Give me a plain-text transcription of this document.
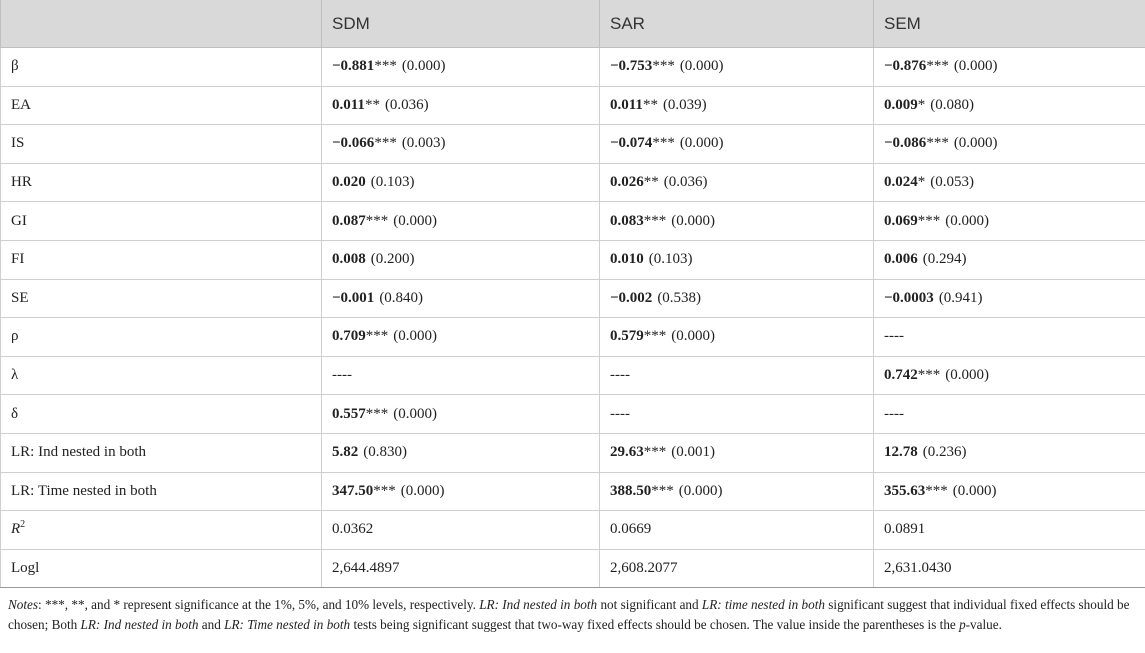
	SDM	SAR	SEM
β	−0.881*** (0.000)	−0.753*** (0.000)	−0.876*** (0.000)
EA	0.011** (0.036)	0.011** (0.039)	0.009* (0.080)
IS	−0.066*** (0.003)	−0.074*** (0.000)	−0.086*** (0.000)
HR	0.020 (0.103)	0.026** (0.036)	0.024* (0.053)
GI	0.087*** (0.000)	0.083*** (0.000)	0.069*** (0.000)
FI	0.008 (0.200)	0.010 (0.103)	0.006 (0.294)
SE	−0.001 (0.840)	−0.002 (0.538)	−0.0003 (0.941)
ρ	0.709*** (0.000)	0.579*** (0.000)	----
λ	----	----	0.742*** (0.000)
δ	0.557*** (0.000)	----	----
LR: Ind nested in both	5.82 (0.830)	29.63*** (0.001)	12.78 (0.236)
LR: Time nested in both	347.50*** (0.000)	388.50*** (0.000)	355.63*** (0.000)
$R^2$	0.0362	0.0669	0.0891
Logl	2,644.4897	2,608.2077	2,631.0430
Notes: ***, **, and * represent significance at the 1%, 5%, and 10% levels, respectively. LR: Ind nested in both not significant and LR: time nested in both significant suggest that individual fixed effects should be chosen; Both LR: Ind nested in both and LR: Time nested in both tests being significant suggest that two-way fixed effects should be chosen. The value inside the parentheses is the p-value.
